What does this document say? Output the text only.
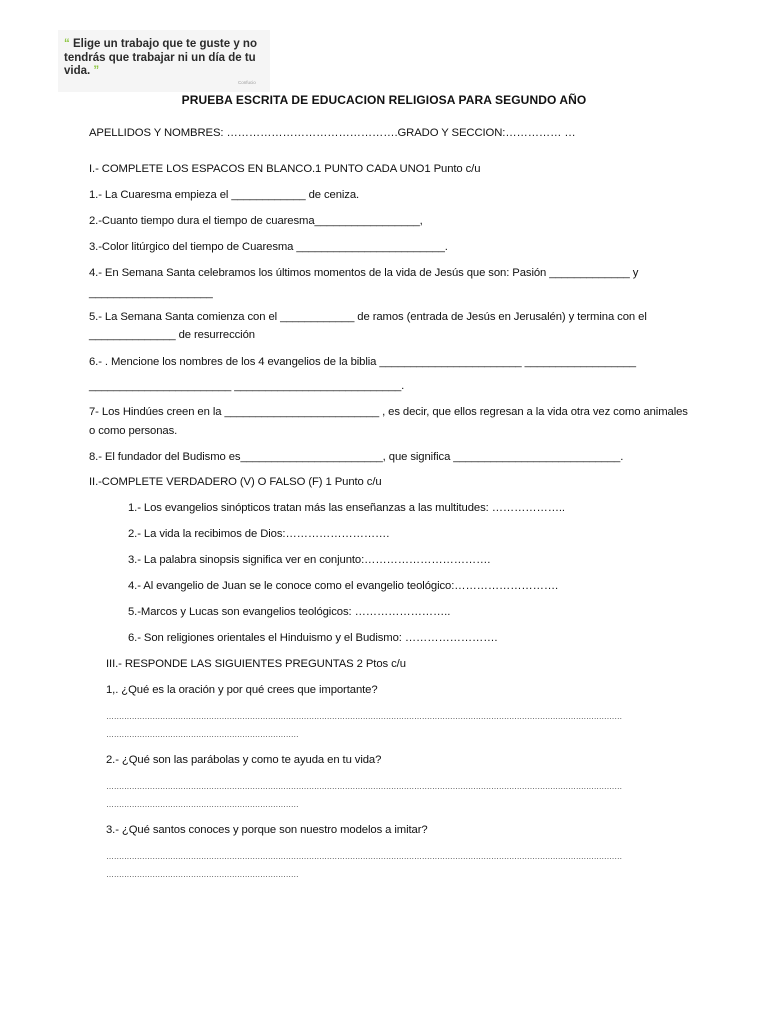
“ Elige un trabajo que te guste y no tendrás que trabajar ni un día de tu vida. ”
Confucio
PRUEBA ESCRITA DE EDUCACION RELIGIOSA PARA SEGUNDO AÑO
APELLIDOS Y NOMBRES: ……………………………………….GRADO Y SECCION:…………… …
I.- COMPLETE LOS ESPACOS EN BLANCO.1 PUNTO CADA UNO1 Punto c/u
1.- La Cuaresma empieza el ____________ de ceniza.
2.-Cuanto tiempo dura el tiempo de cuaresma_________________,
3.-Color litúrgico del tiempo de Cuaresma ________________________.
4.- En Semana Santa celebramos los últimos momentos de la vida de Jesús que son: Pasión _____________ y
____________________
5.- La Semana Santa comienza con el ____________ de ramos (entrada de Jesús en Jerusalén) y termina con el
______________ de resurrección
6.- . Mencione los nombres de los 4 evangelios de la biblia _______________________ __________________
_______________________ ___________________________.
7- Los Hindúes creen en la _________________________ , es decir, que ellos regresan a la vida otra vez como animales
o como personas.
8.- El fundador del Budismo es_______________________, que significa ___________________________.
II.-COMPLETE VERDADERO (V) O FALSO (F) 1 Punto c/u
1.- Los evangelios sinópticos tratan más las enseñanzas a las multitudes: ………………..
2.- La vida la recibimos de Dios:……………………….
3.- La palabra sinopsis significa ver en conjunto:…………………………….
4.- Al evangelio de Juan se le conoce como el evangelio teológico:……………………….
5.-Marcos y Lucas son evangelios teológicos: ……………………..
6.- Son religiones orientales el Hinduismo y el Budismo: …………………….
III.- RESPONDE LAS SIGUIENTES PREGUNTAS 2 Ptos c/u
1,. ¿Qué es la oración y por qué crees que importante?
…………………………………………………………………………………………………………………………………………………………………………………
…………………………………………………………………
2.- ¿Qué son las parábolas y como te ayuda en tu vida?
…………………………………………………………………………………………………………………………………………………………………………………
…………………………………………………………………
3.- ¿Qué santos conoces y porque son nuestro modelos a imitar?
…………………………………………………………………………………………………………………………………………………………………………………
…………………………………………………………………
